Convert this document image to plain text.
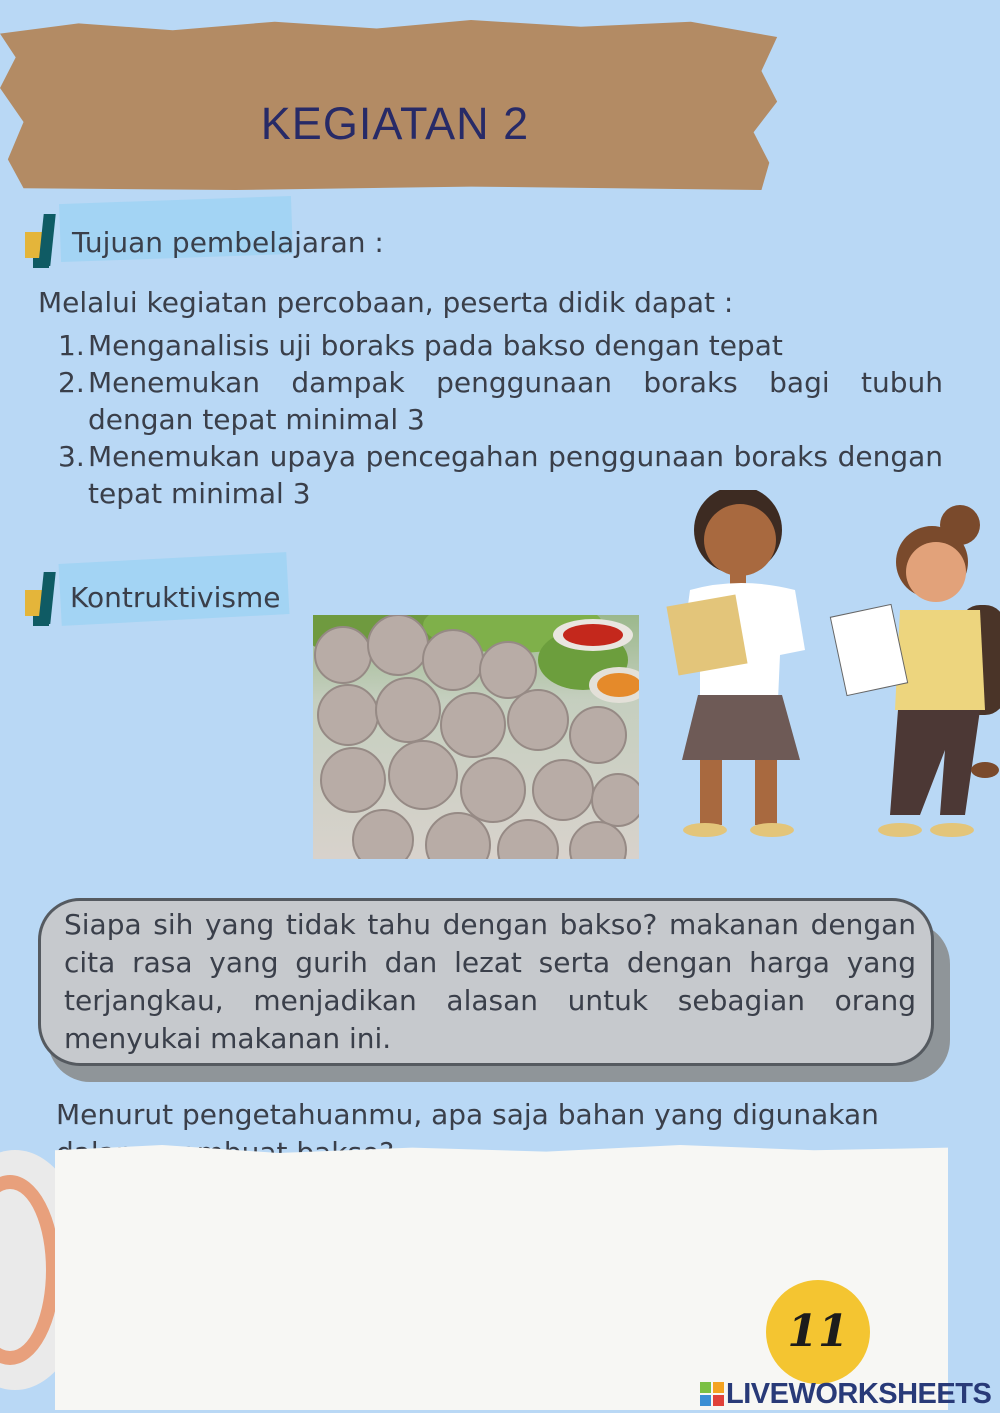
KEGIATAN 2
Tujuan pembelajaran :
Melalui kegiatan percobaan, peserta didik dapat :
1. Menganalisis uji boraks pada bakso dengan tepat
2. Menemukan dampak penggunaan boraks bagi tubuh dengan tepat minimal 3
3. Menemukan upaya pencegahan penggunaan boraks dengan tepat minimal 3
Kontruktivisme
Siapa sih yang tidak tahu dengan bakso? makanan dengan cita rasa yang gurih dan lezat serta dengan harga yang terjangkau, menjadikan alasan untuk sebagian orang menyukai makanan ini.
Menurut pengetahuanmu, apa saja bahan yang digunakan
11
LIVEWORKSHEETS
